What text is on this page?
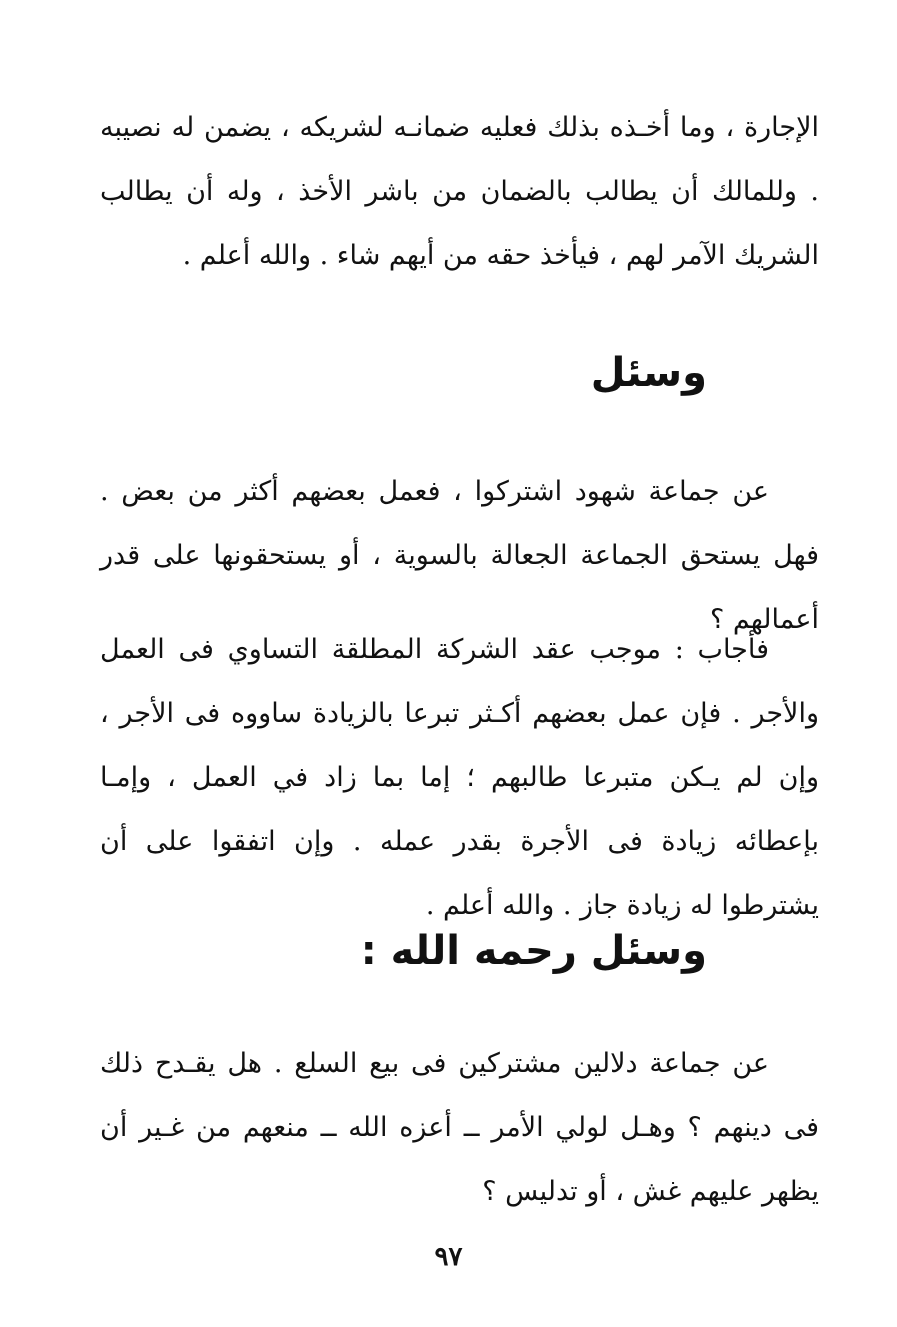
الإجارة ، وما أخـذه بذلك فعليه ضمانـه لشريكه ، يضمن له نصيبه . وللمالك أن يطالب بالضمان من باشر الأخذ ، وله أن يطالب الشريك الآمر لهم ، فيأخذ حقه من أيهم شاء . والله أعلم .

وسئل

عن جماعة شهود اشتركوا ، فعمل بعضهم أكثر من بعض . فهل يستحق الجماعة الجعالة بالسوية ، أو يستحقونها على قدر أعمالهم ؟

فأجاب : موجب عقد الشركة المطلقة التساوي فى العمل والأجر . فإن عمل بعضهم أكـثر تبرعا بالزيادة ساووه فى الأجر ، وإن لم يـكن متبرعا طالبهم ؛ إما بما زاد في العمل ، وإمـا بإعطائه زيادة فى الأجرة بقدر عمله . وإن اتفقوا على أن يشترطوا له زيادة جاز . والله أعلم .

وسئل رحمه الله :

عن جماعة دلالين مشتركين فى بيع السلع . هل يقـدح ذلك فى دينهم ؟ وهـل لولي الأمر ــ أعزه الله ــ منعهم من غـير أن يظهر عليهم غش ، أو تدليس ؟

٩٧
